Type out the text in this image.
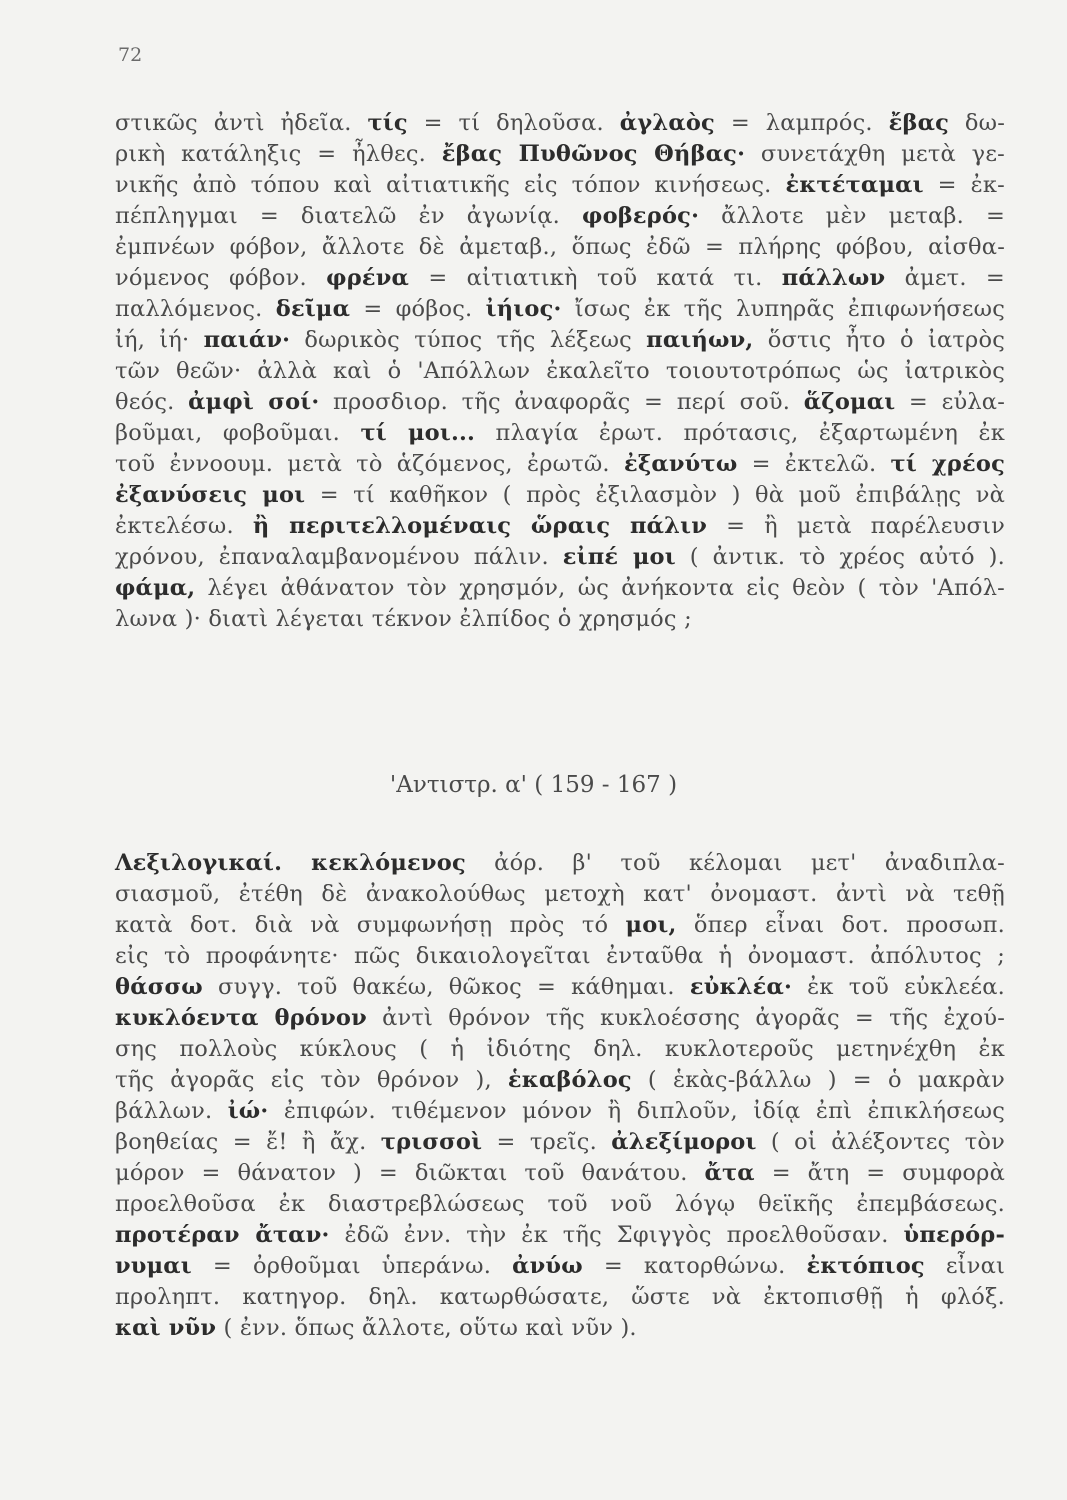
72
στικῶς ἀντὶ ἠδεῖα. τίς = τί δηλοῦσα. ἀγλαὸς = λαμπρός. ἔβας δω-
ρικὴ κατάληξις = ἦλθες. ἔβας Πυθῶνος Θήβας· συνετάχθη μετὰ γε-
νικῆς ἀπὸ τόπου καὶ αἰτιατικῆς εἰς τόπον κινήσεως. ἐκτέταμαι = ἐκ-
πέπληγμαι = διατελῶ ἐν ἀγωνίᾳ. φοβερός· ἄλλοτε μὲν μεταβ. =
ἐμπνέων φόβον, ἄλλοτε δὲ ἀμεταβ., ὅπως ἐδῶ = πλήρης φόβου, αἰσθα-
νόμενος φόβον. φρένα = αἰτιατικὴ τοῦ κατά τι. πάλλων ἀμετ. =
παλλόμενος. δεῖμα = φόβος. ἰήιος· ἴσως ἐκ τῆς λυπηρᾶς ἐπιφωνήσεως
ἰή, ἰή· παιάν· δωρικὸς τύπος τῆς λέξεως παιήων, ὅστις ἦτο ὁ ἰατρὸς
τῶν θεῶν· ἀλλὰ καὶ ὁ 'Απόλλων ἐκαλεῖτο τοιουτοτρόπως ὡς ἰατρικὸς
θεός. ἀμφὶ σοί· προσδιορ. τῆς ἀναφορᾶς = περί σοῦ. ἅζομαι = εὐλα-
βοῦμαι, φοβοῦμαι. τί μοι... πλαγία ἐρωτ. πρότασις, ἐξαρτωμένη ἐκ
τοῦ ἐννοουμ. μετὰ τὸ ἁζόμενος, ἐρωτῶ. ἐξανύτω = ἐκτελῶ. τί χρέος
ἐξανύσεις μοι = τί καθῆκον ( πρὸς ἐξιλασμὸν ) θὰ μοῦ ἐπιβάλῃς νὰ
ἐκτελέσω. ἢ περιτελλομέναις ὥραις πάλιν = ἢ μετὰ παρέλευσιν
χρόνου, ἐπαναλαμβανομένου πάλιν. εἰπέ μοι ( ἀντικ. τὸ χρέος αὐτό ).
φάμα, λέγει ἀθάνατον τὸν χρησμόν, ὡς ἀνήκοντα εἰς θεὸν ( τὸν 'Απόλ-
λωνα )· διατὶ λέγεται τέκνον ἐλπίδος ὁ χρησμός ;
'Αντιστρ. α' ( 159 - 167 )
Λεξιλογικαί. κεκλόμενος ἀόρ. β' τοῦ κέλομαι μετ' ἀναδιπλα-
σιασμοῦ, ἐτέθη δὲ ἀνακολούθως μετοχὴ κατ' ὀνομαστ. ἀντὶ νὰ τεθῇ
κατὰ δοτ. διὰ νὰ συμφωνήσῃ πρὸς τό μοι, ὅπερ εἶναι δοτ. προσωπ.
εἰς τὸ προφάνητε· πῶς δικαιολογεῖται ἐνταῦθα ἡ ὀνομαστ. ἀπόλυτος ;
θάσσω συγγ. τοῦ θακέω, θῶκος = κάθημαι. εὐκλέα· ἐκ τοῦ εὐκλεέα.
κυκλόεντα θρόνον ἀντὶ θρόνον τῆς κυκλοέσσης ἀγορᾶς = τῆς ἐχού-
σης πολλοὺς κύκλους ( ἡ ἰδιότης δηλ. κυκλοτεροῦς μετηνέχθη ἐκ
τῆς ἀγορᾶς εἰς τὸν θρόνον ), ἑκαβόλος ( ἑκὰς-βάλλω ) = ὁ μακρὰν
βάλλων. ἰώ· ἐπιφών. τιθέμενον μόνον ἢ διπλοῦν, ἰδίᾳ ἐπὶ ἐπικλήσεως
βοηθείας = ἔ! ἢ ἄχ. τρισσοὶ = τρεῖς. ἀλεξίμοροι ( οἱ ἀλέξοντες τὸν
μόρον = θάνατον ) = διῶκται τοῦ θανάτου. ἄτα = ἄτη = συμφορὰ
προελθοῦσα ἐκ διαστρεβλώσεως τοῦ νοῦ λόγῳ θεϊκῆς ἐπεμβάσεως.
προτέραν ἄταν· ἐδῶ ἐνν. τὴν ἐκ τῆς Σφιγγὸς προελθοῦσαν. ὑπερόρ-
νυμαι = ὀρθοῦμαι ὑπεράνω. ἀνύω = κατορθώνω. ἐκτόπιος εἶναι
προληπτ. κατηγορ. δηλ. κατωρθώσατε, ὥστε νὰ ἐκτοπισθῇ ἡ φλόξ.
καὶ νῦν ( ἐνν. ὅπως ἄλλοτε, οὕτω καὶ νῦν ).
